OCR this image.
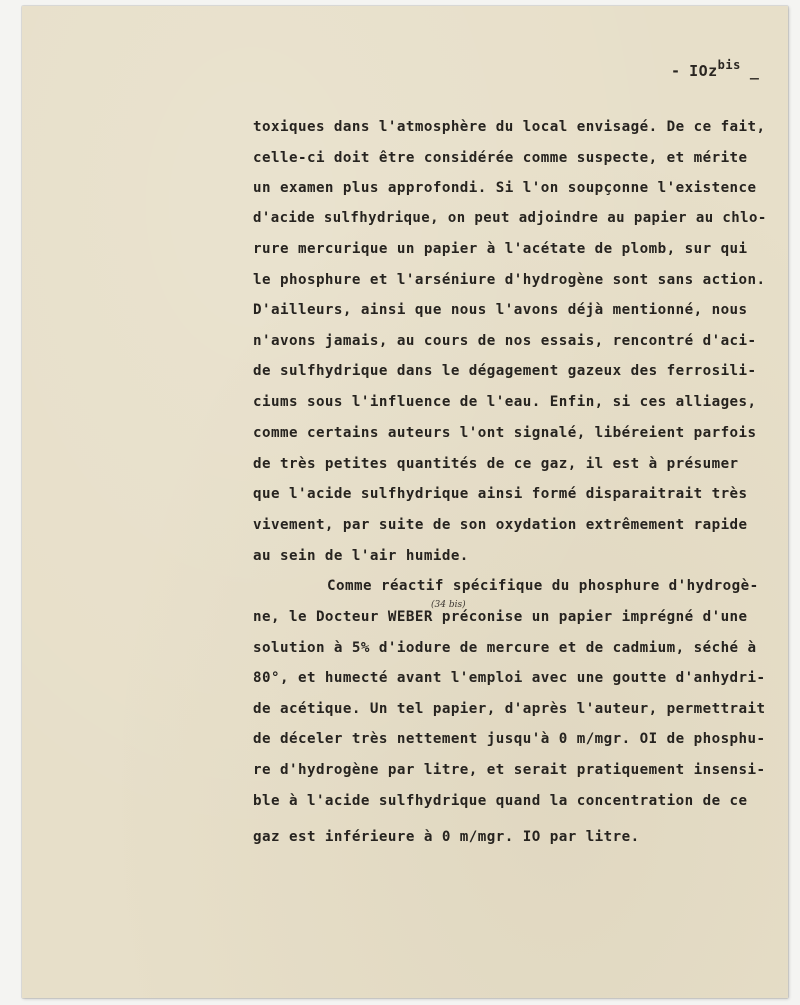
- IOz$^{bis}$ _
toxiques dans l'atmosphère du local envisagé. De ce fait,
celle-ci doit être considérée comme suspecte, et mérite
un examen plus approfondi. Si l'on soupçonne l'existence
d'acide sulfhydrique, on peut adjoindre au papier au chlo-
rure mercurique un papier à l'acétate de plomb, sur qui
le phosphure et l'arséniure d'hydrogène sont sans action.
D'ailleurs, ainsi que nous l'avons déjà mentionné, nous
n'avons jamais, au cours de nos essais, rencontré d'aci-
de sulfhydrique dans le dégagement gazeux des ferrosili-
ciums sous l'influence de l'eau. Enfin, si ces alliages,
comme certains auteurs l'ont signalé, libéreient parfois
de très petites quantités de ce gaz, il est à présumer
que l'acide sulfhydrique ainsi formé disparaitrait très
vivement, par suite de son oxydation extrêmement rapide
au sein de l'air humide.
Comme réactif spécifique du phosphure d'hydrogè-
ne, le Docteur WEBER préconise un papier imprégné d'une
solution à 5% d'iodure de mercure et de cadmium, séché à
80°, et humecté avant l'emploi avec une goutte d'anhydri-
de acétique. Un tel papier, d'après l'auteur, permettrait
de déceler très nettement jusqu'à 0 m/mgr. OI de phosphu-
re d'hydrogène par litre, et serait pratiquement insensi-
ble à l'acide sulfhydrique quand la concentration de ce
gaz est inférieure à 0 m/mgr. IO par litre.
(34 bis)
